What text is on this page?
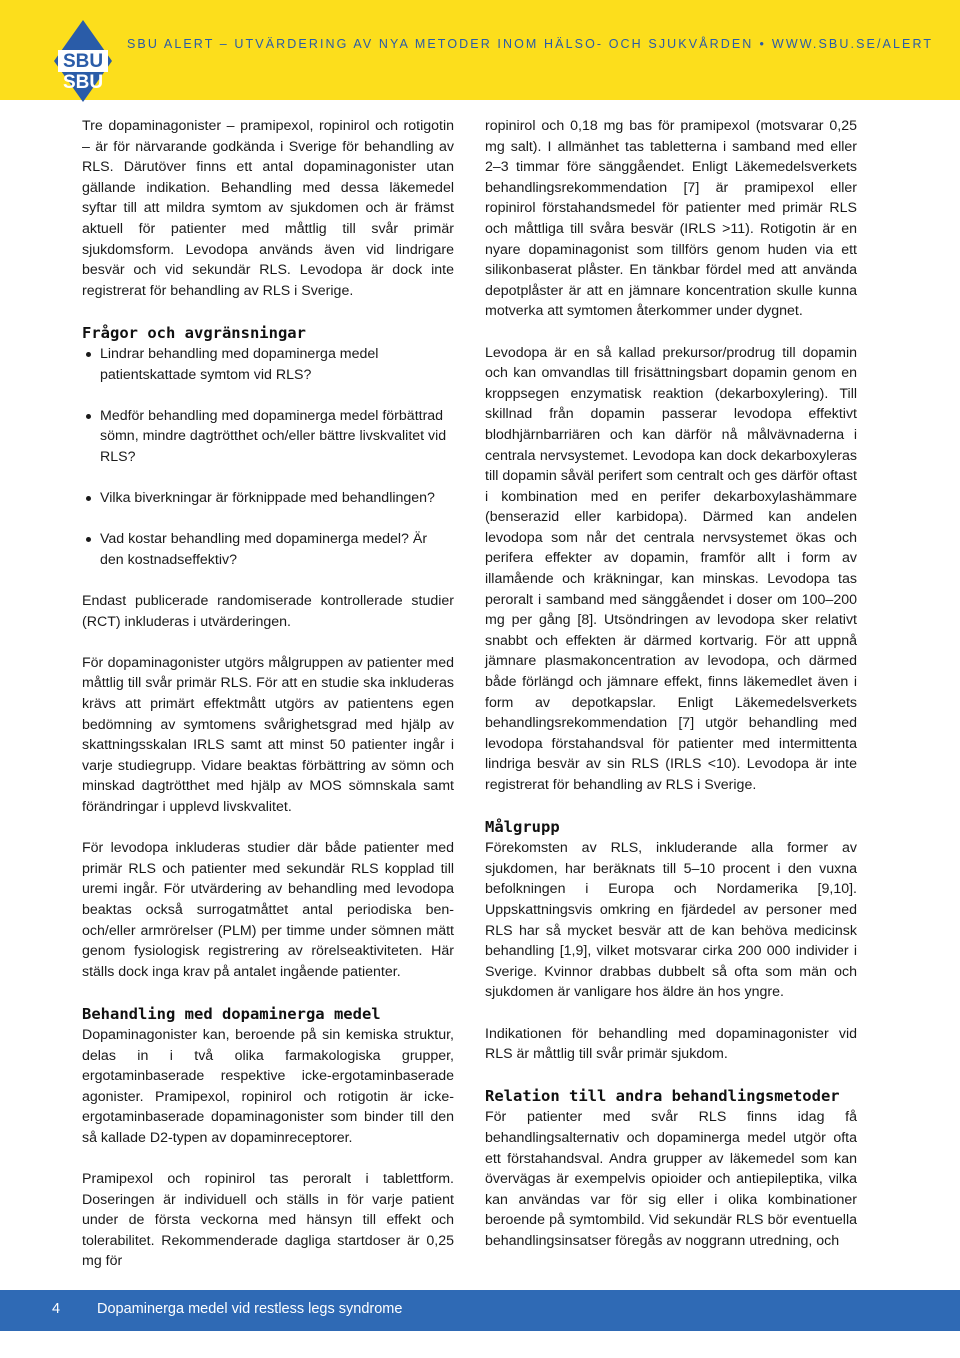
SBU
SBU
SBU ALERT – UTVÄRDERING AV NYA METODER INOM HÄLSO- OCH SJUKVÅRDEN • WWW.SBU.SE/ALERT

Tre dopaminagonister – pramipexol, ropinirol och rotigotin – är för närvarande godkända i Sverige för behandling av RLS. Därutöver finns ett antal dopaminagonister utan gällande indikation. Behandling med dessa läkemedel syftar till att mildra symtom av sjukdomen och är främst aktuell för patienter med måttlig till svår primär sjukdomsform. Levodopa används även vid lindrigare besvär och vid sekundär RLS. Levodopa är dock inte registrerat för behandling av RLS i Sverige.

Frågor och avgränsningar
Lindrar behandling med dopaminerga medel patientskattade symtom vid RLS?
Medför behandling med dopaminerga medel förbättrad sömn, mindre dagtrötthet och/eller bättre livskvalitet vid RLS?
Vilka biverkningar är förknippade med behandlingen?
Vad kostar behandling med dopaminerga medel? Är den kostnadseffektiv?

Endast publicerade randomiserade kontrollerade studier (RCT) inkluderas i utvärderingen.

För dopaminagonister utgörs målgruppen av patienter med måttlig till svår primär RLS. För att en studie ska inkluderas krävs att primärt effektmått utgörs av patientens egen bedömning av symtomens svårighetsgrad med hjälp av skattningsskalan IRLS samt att minst 50 patienter ingår i varje studiegrupp. Vidare beaktas förbättring av sömn och minskad dagtrötthet med hjälp av MOS sömnskala samt förändringar i upplevd livskvalitet.

För levodopa inkluderas studier där både patienter med primär RLS och patienter med sekundär RLS kopplad till uremi ingår. För utvärdering av behandling med levodopa beaktas också surrogatmåttet antal periodiska ben- och/eller armrörelser (PLM) per timme under sömnen mätt genom fysiologisk registrering av rörelseaktiviteten. Här ställs dock inga krav på antalet ingående patienter.

Behandling med dopaminerga medel

Dopaminagonister kan, beroende på sin kemiska struktur, delas in i två olika farmakologiska grupper, ergotaminbaserade respektive icke-ergotaminbaserade agonister. Pramipexol, ropinirol och rotigotin är icke-ergotaminbaserade dopaminagonister som binder till den så kallade D2-typen av dopaminreceptorer.

Pramipexol och ropinirol tas peroralt i tablettform. Doseringen är individuell och ställs in för varje patient under de första veckorna med hänsyn till effekt och tolerabilitet. Rekommenderade dagliga startdoser är 0,25 mg för

ropinirol och 0,18 mg bas för pramipexol (motsvarar 0,25 mg salt). I allmänhet tas tabletterna i samband med eller 2–3 timmar före sänggåendet. Enligt Läkemedelsverkets behandlingsrekommendation [7] är pramipexol eller ropinirol förstahandsmedel för patienter med primär RLS och måttliga till svåra besvär (IRLS >11). Rotigotin är en nyare dopaminagonist som tillförs genom huden via ett silikonbaserat plåster. En tänkbar fördel med att använda depotplåster är att en jämnare koncentration skulle kunna motverka att symtomen återkommer under dygnet.

Levodopa är en så kallad prekursor/prodrug till dopamin och kan omvandlas till frisättningsbart dopamin genom en kroppsegen enzymatisk reaktion (dekarboxylering). Till skillnad från dopamin passerar levodopa effektivt blodhjärnbarriären och kan därför nå målvävnaderna i centrala nervsystemet. Levodopa kan dock dekarboxyleras till dopamin såväl perifert som centralt och ges därför oftast i kombination med en perifer dekarboxylashämmare (benserazid eller karbidopa). Därmed kan andelen levodopa som når det centrala nervsystemet ökas och perifera effekter av dopamin, framför allt i form av illamående och kräkningar, kan minskas. Levodopa tas peroralt i samband med sänggåendet i doser om 100–200 mg per gång [8]. Utsöndringen av levodopa sker relativt snabbt och effekten är därmed kortvarig. För att uppnå jämnare plasmakoncentration av levodopa, och därmed både förlängd och jämnare effekt, finns läkemedlet även i form av depotkapslar. Enligt Läkemedelsverkets behandlingsrekommendation [7] utgör behandling med levodopa förstahandsval för patienter med intermittenta lindriga besvär av sin RLS (IRLS <10). Levodopa är inte registrerat för behandling av RLS i Sverige.

Målgrupp

Förekomsten av RLS, inkluderande alla former av sjukdomen, har beräknats till 5–10 procent i den vuxna befolkningen i Europa och Nordamerika [9,10]. Uppskattningsvis omkring en fjärdedel av personer med RLS har så mycket besvär att de kan behöva medicinsk behandling [1,9], vilket motsvarar cirka 200 000 individer i Sverige. Kvinnor drabbas dubbelt så ofta som män och sjukdomen är vanligare hos äldre än hos yngre.

Indikationen för behandling med dopaminagonister vid RLS är måttlig till svår primär sjukdom.

Relation till andra behandlingsmetoder

För patienter med svår RLS finns idag få behandlingsalternativ och dopaminerga medel utgör ofta ett förstahandsval. Andra grupper av läkemedel som kan övervägas är exempelvis opioider och antiepileptika, vilka kan användas var för sig eller i olika kombinationer beroende på symtombild. Vid sekundär RLS bör eventuella behandlingsinsatser föregås av noggrann utredning, och

4	Dopaminerga medel vid restless legs syndrome
